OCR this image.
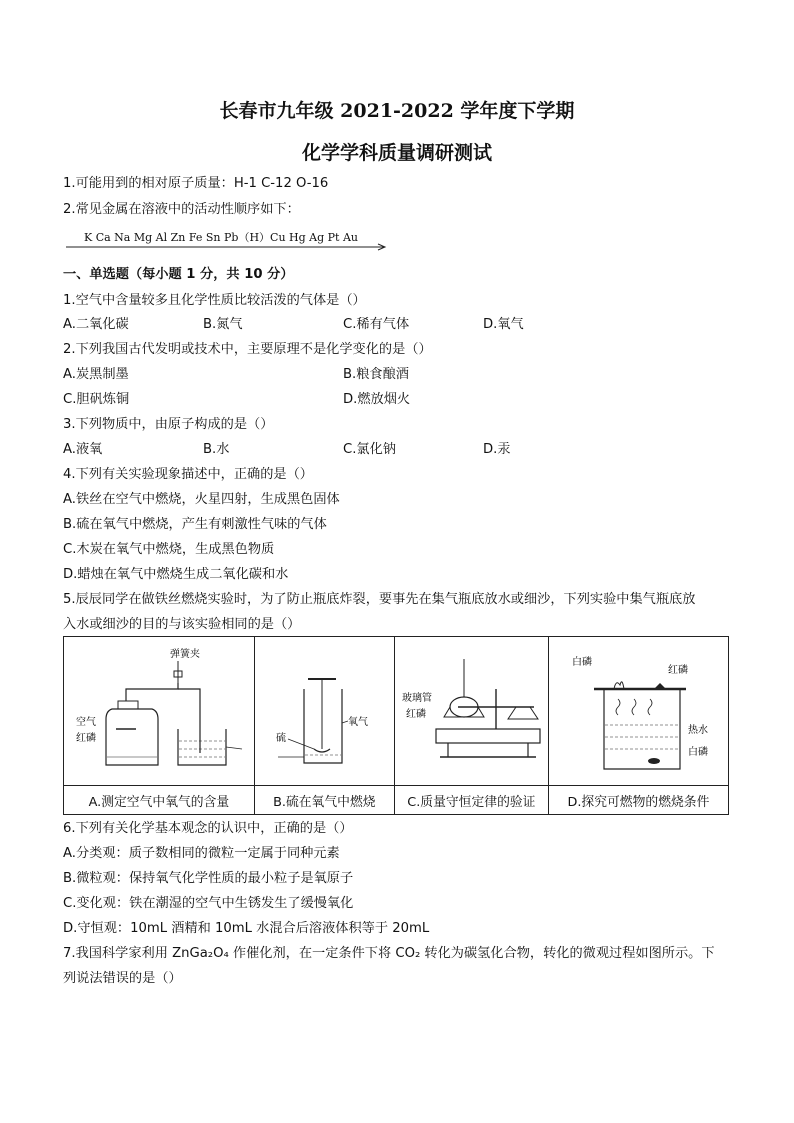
长春市九年级 2021-2022 学年度下学期
化学学科质量调研测试
1.可能用到的相对原子质量：H-1 C-12 O-16
2.常见金属在溶液中的活动性顺序如下：
K Ca Na Mg Al Zn Fe Sn Pb（H）Cu Hg Ag Pt Au
一、单选题（每小题 1 分，共 10 分）
1.空气中含量较多且化学性质比较活泼的气体是（）
A.二氧化碳	B.氮气	C.稀有气体	D.氧气
2.下列我国古代发明或技术中，主要原理不是化学变化的是（）
A.炭黑制墨	B.粮食酿酒
C.胆矾炼铜	D.燃放烟火
3.下列物质中，由原子构成的是（）
A.液氧	B.水	C.氯化钠	D.汞
4.下列有关实验现象描述中，正确的是（）
A.铁丝在空气中燃烧，火星四射，生成黑色固体
B.硫在氧气中燃烧，产生有刺激性气味的气体
C.木炭在氧气中燃烧，生成黑色物质
D.蜡烛在氧气中燃烧生成二氧化碳和水
5.辰辰同学在做铁丝燃烧实验时，为了防止瓶底炸裂，要事先在集气瓶底放水或细沙，下列实验中集气瓶底放
入水或细沙的目的与该实验相同的是（）
弹簧夹
空气
红磷	氧气
硫	玻璃管
红磷	白磷
红磷
热水
白磷

A.测定空气中氧气的含量	B.硫在氧气中燃烧	C.质量守恒定律的验证	D.探究可燃物的燃烧条件
6.下列有关化学基本观念的认识中，正确的是（）
A.分类观：质子数相同的微粒一定属于同种元素
B.微粒观：保持氧气化学性质的最小粒子是氧原子
C.变化观：铁在潮湿的空气中生锈发生了缓慢氧化
D.守恒观：10mL 酒精和 10mL 水混合后溶液体积等于 20mL
7.我国科学家利用 ZnGa₂O₄ 作催化剂，在一定条件下将 CO₂ 转化为碳氢化合物，转化的微观过程如图所示。下
列说法错误的是（）
